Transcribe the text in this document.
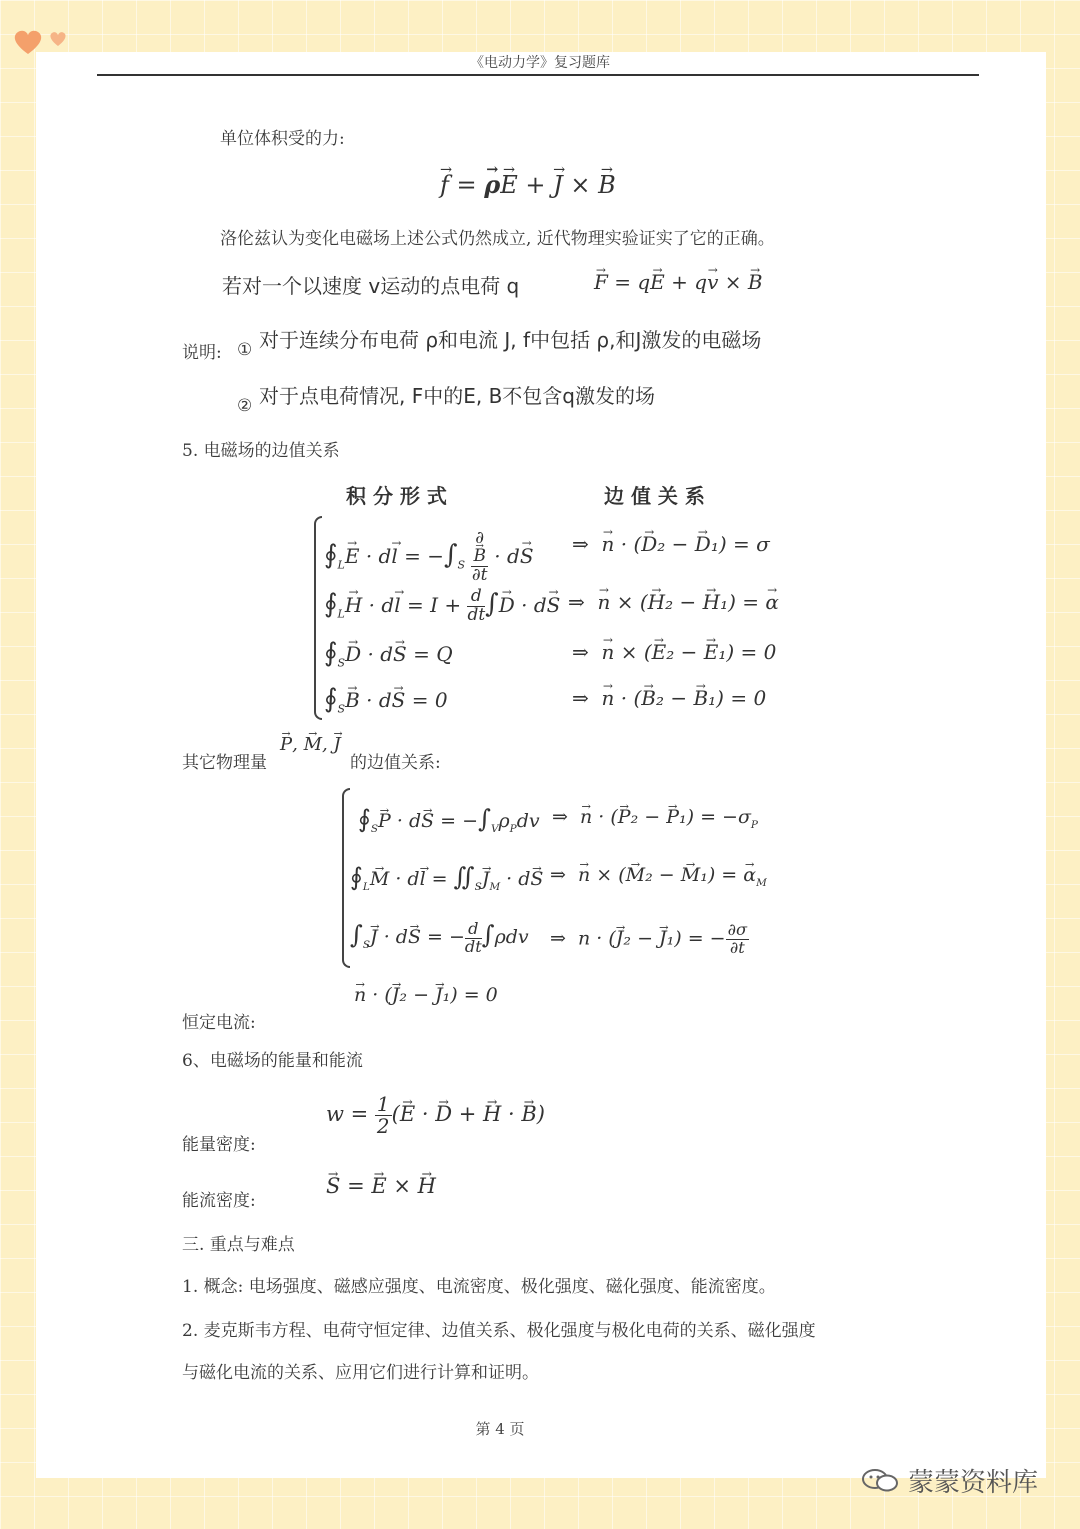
《电动力学》复习题库
单位体积受的力:
→ f = → ρ→ E + → J × → B
洛伦兹认为变化电磁场上述公式仍然成立, 近代物理实验证实了它的正确。
若对一个以速度 v运动的点电荷 q
→	F = q→ E + q→ v × → B
说明: ① 对于连续分布电荷 ρ和电流 J, f中包括 ρ,和J激发的电磁场
② 对于点电荷情况, F中的E, B不包含q激发的场
5. 电磁场的边值关系
积 分 形 式	边 值 关 系
$∮_L\to E \cdot d\to l = -\int_S$ ∂
→ B
∂t · d→ S ⇒  → n · (→ D₂ − → D₁) = σ
$∮_L\to H \cdot d\to l = I + \frac{d}{dt}$ ∫→ D · d→ S ⇒  → n × (→ H₂ − → H₁) = → α
$∮_S\to D \cdot d\to S = Q$	⇒  → n × (→ E₂ − → E₁) = 0
$∮_S\to B \cdot d\to S = 0$	⇒  → n · (→ B₂ − → B₁) = 0
其它物理量
→ P, → M, → J
的边值关系:
$∮_S\to P \cdot d\to S = -\int_V\rho_Pdv$ ⇒  → n · (→ P₂ − → $P_1) = -\sigma_P$
$∮_L\to M \cdot d\to l$ = $∬_S\to J_M \cdot d\to S$ ⇒  → n × (→ M₂ − → M₁) = → $\alpha_M$
$\int_S\to J \cdot d\to S$ = − $\frac{d}{dt} \int\rho dv$ ⇒  n · (→ J₂ − → J₁) = − $\frac{\partial\sigma}{\partial t}$
→ n · (→ J₂ − → J₁) = 0
恒定电流:
6、电磁场的能量和能流
$w = \frac{1}{2}$ (→ E · → D + → H · → B)
能量密度:
→ S = → E × → H
能流密度:
三. 重点与难点
1. 概念: 电场强度、磁感应强度、电流密度、极化强度、磁化强度、能流密度。
2. 麦克斯韦方程、电荷守恒定律、边值关系、极化强度与极化电荷的关系、磁化强度
与磁化电流的关系、应用它们进行计算和证明。
第 4 页
蒙蒙资料库
